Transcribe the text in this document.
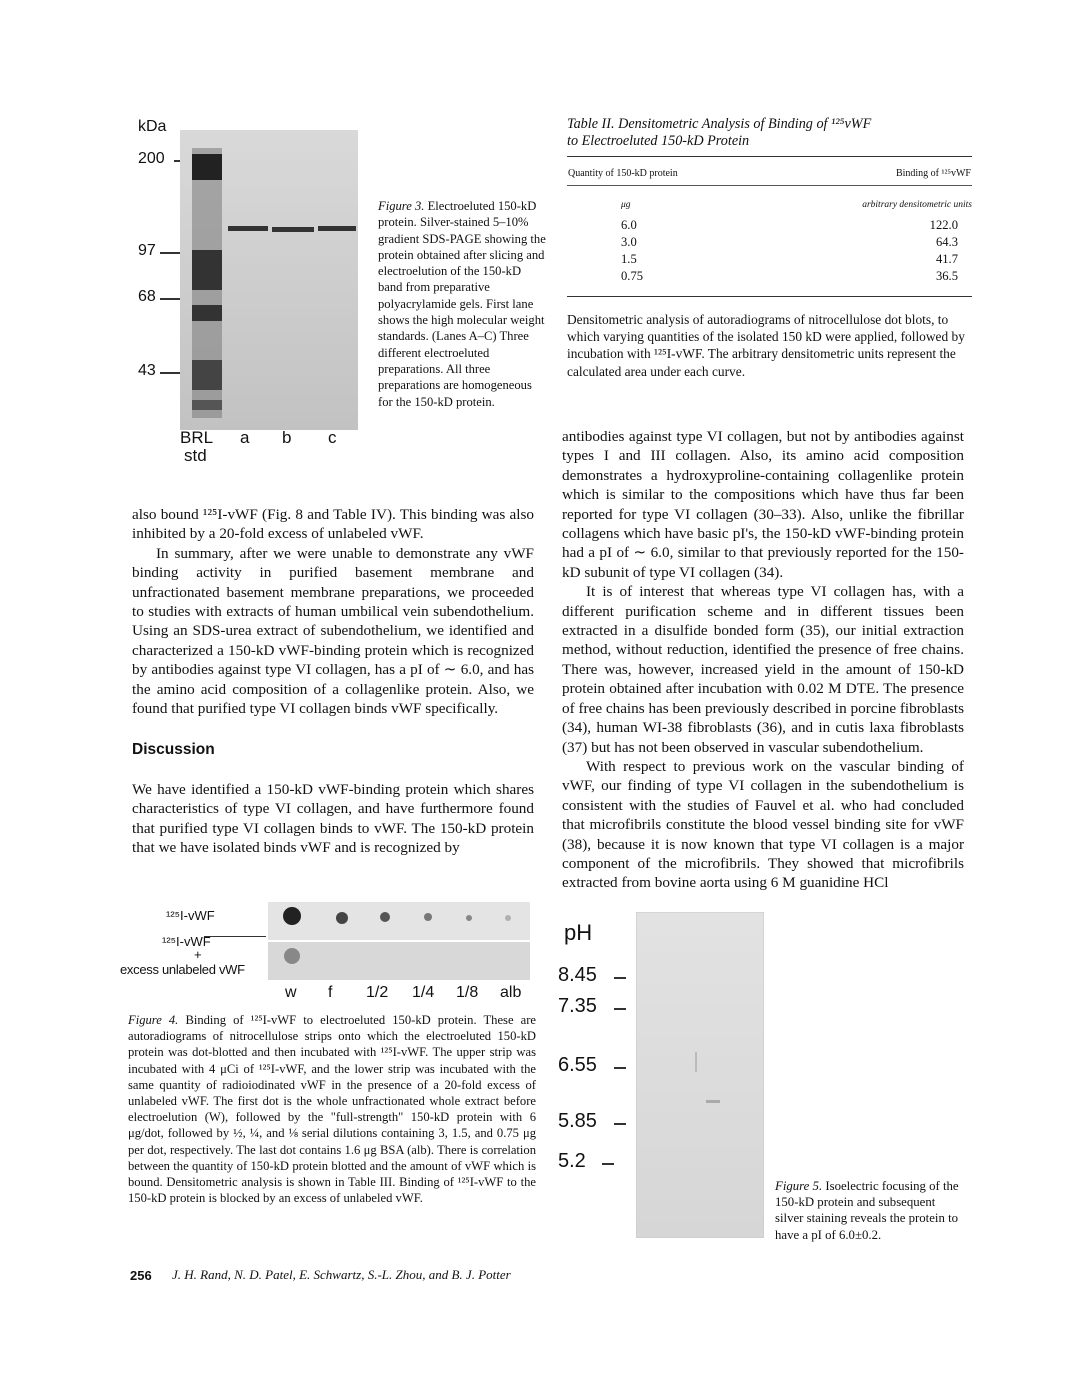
kDa
200
97
68
43
BRL
std
a b c
Figure 3. Electroeluted 150-kD protein. Silver-stained 5–10% gradient SDS-PAGE showing the protein obtained after slicing and electroelution of the 150-kD band from preparative polyacrylamide gels. First lane shows the high molecular weight standards. (Lanes A–C) Three different electroeluted preparations. All three preparations are homogeneous for the 150-kD protein.
Table II. Densitometric Analysis of Binding of ¹²⁵vWF
to Electroeluted 150-kD Protein
Quantity of 150-kD protein	Binding of ¹²⁵vWF
μg	arbitrary densitometric units
6.0	122.0
3.0	64.3
1.5	41.7
0.75	36.5

Densitometric analysis of autoradiograms of nitrocellulose dot blots, to which varying quantities of the isolated 150 kD were applied, followed by incubation with ¹²⁵I-vWF. The arbitrary densitometric units represent the calculated area under each curve.

also bound ¹²⁵I-vWF (Fig. 8 and Table IV). This binding was also inhibited by a 20-fold excess of unlabeled vWF.

In summary, after we were unable to demonstrate any vWF binding activity in purified basement membrane and unfractionated basement membrane preparations, we proceeded to studies with extracts of human umbilical vein subendothelium. Using an SDS-urea extract of subendothelium, we identified and characterized a 150-kD vWF-binding protein which is recognized by antibodies against type VI collagen, has a pI of ∼ 6.0, and has the amino acid composition of a collagenlike protein. Also, we found that purified type VI collagen binds vWF specifically.

Discussion

We have identified a 150-kD vWF-binding protein which shares characteristics of type VI collagen, and have furthermore found that purified type VI collagen binds to vWF. The 150-kD protein that we have isolated binds vWF and is recognized by

antibodies against type VI collagen, but not by antibodies against types I and III collagen. Also, its amino acid composition demonstrates a hydroxyproline-containing collagenlike protein which is similar to the compositions which have thus far been reported for type VI collagen (30–33). Also, unlike the fibrillar collagens which have basic pI's, the 150-kD vWF-binding protein had a pI of ∼ 6.0, similar to that previously reported for the 150-kD subunit of type VI collagen (34).

It is of interest that whereas type VI collagen has, with a different purification scheme and in different tissues been extracted in a disulfide bonded form (35), our initial extraction method, without reduction, identified the presence of free chains. There was, however, increased yield in the amount of 150-kD protein obtained after incubation with 0.02 M DTE. The presence of free chains has been previously described in porcine fibroblasts (34), human WI-38 fibroblasts (36), and in cutis laxa fibroblasts (37) but has not been observed in vascular subendothelium.

With respect to previous work on the vascular binding of vWF, our finding of type VI collagen in the subendothelium is consistent with the studies of Fauvel et al. who had concluded that microfibrils constitute the blood vessel binding site for vWF (38), because it is now known that type VI collagen is a major component of the microfibrils. They showed that microfibrils extracted from bovine aorta using 6 M guanidine HCl

¹²⁵I-vWF
¹²⁵I-vWF
+
excess unlabeled vWF
w f 1/2 1/4 1/8 alb
Figure 4. Binding of ¹²⁵I-vWF to electroeluted 150-kD protein. These are autoradiograms of nitrocellulose strips onto which the electroeluted 150-kD protein was dot-blotted and then incubated with ¹²⁵I-vWF. The upper strip was incubated with 4 μCi of ¹²⁵I-vWF, and the lower strip was incubated with the same quantity of radioiodinated vWF in the presence of a 20-fold excess of unlabeled vWF. The first dot is the whole unfractionated whole extract before electroelution (W), followed by the "full-strength" 150-kD protein with 6 μg/dot, followed by ½, ¼, and ⅛ serial dilutions containing 3, 1.5, and 0.75 μg per dot, respectively. The last dot contains 1.6 μg BSA (alb). There is correlation between the quantity of 150-kD protein blotted and the amount of vWF which is bound. Densitometric analysis is shown in Table III. Binding of ¹²⁵I-vWF to the 150-kD protein is blocked by an excess of unlabeled vWF.
pH
8.45
7.35
6.55
5.85
5.2
Figure 5. Isoelectric focusing of the 150-kD protein and subsequent silver staining reveals the protein to have a pI of 6.0±0.2.
256 J. H. Rand, N. D. Patel, E. Schwartz, S.-L. Zhou, and B. J. Potter
